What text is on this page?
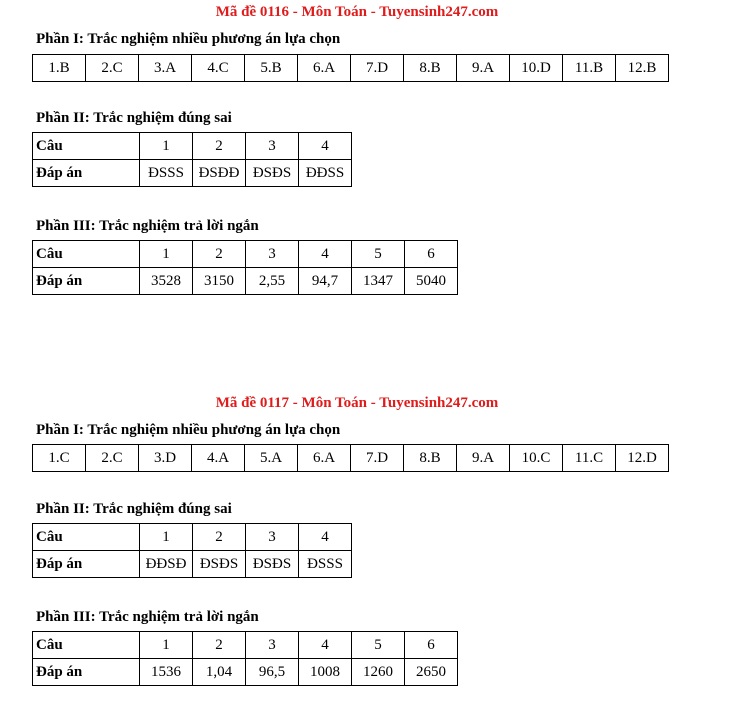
Mã đề 0116 - Môn Toán - Tuyensinh247.com
Phần I: Trắc nghiệm nhiều phương án lựa chọn
1.B	2.C	3.A	4.C	5.B	6.A	7.D	8.B	9.A	10.D	11.B	12.B
Phần II: Trắc nghiệm đúng sai
Câu	1	2	3	4
Đáp án	ĐSSS	ĐSĐĐ	ĐSĐS	ĐĐSS
Phần III: Trắc nghiệm trả lời ngắn
Câu	1	2	3	4	5	6
Đáp án	3528	3150	2,55	94,7	1347	5040
Mã đề 0117 - Môn Toán - Tuyensinh247.com
Phần I: Trắc nghiệm nhiều phương án lựa chọn
1.C	2.C	3.D	4.A	5.A	6.A	7.D	8.B	9.A	10.C	11.C	12.D
Phần II: Trắc nghiệm đúng sai
Câu	1	2	3	4
Đáp án	ĐĐSĐ	ĐSĐS	ĐSĐS	ĐSSS
Phần III: Trắc nghiệm trả lời ngắn
Câu	1	2	3	4	5	6
Đáp án	1536	1,04	96,5	1008	1260	2650
